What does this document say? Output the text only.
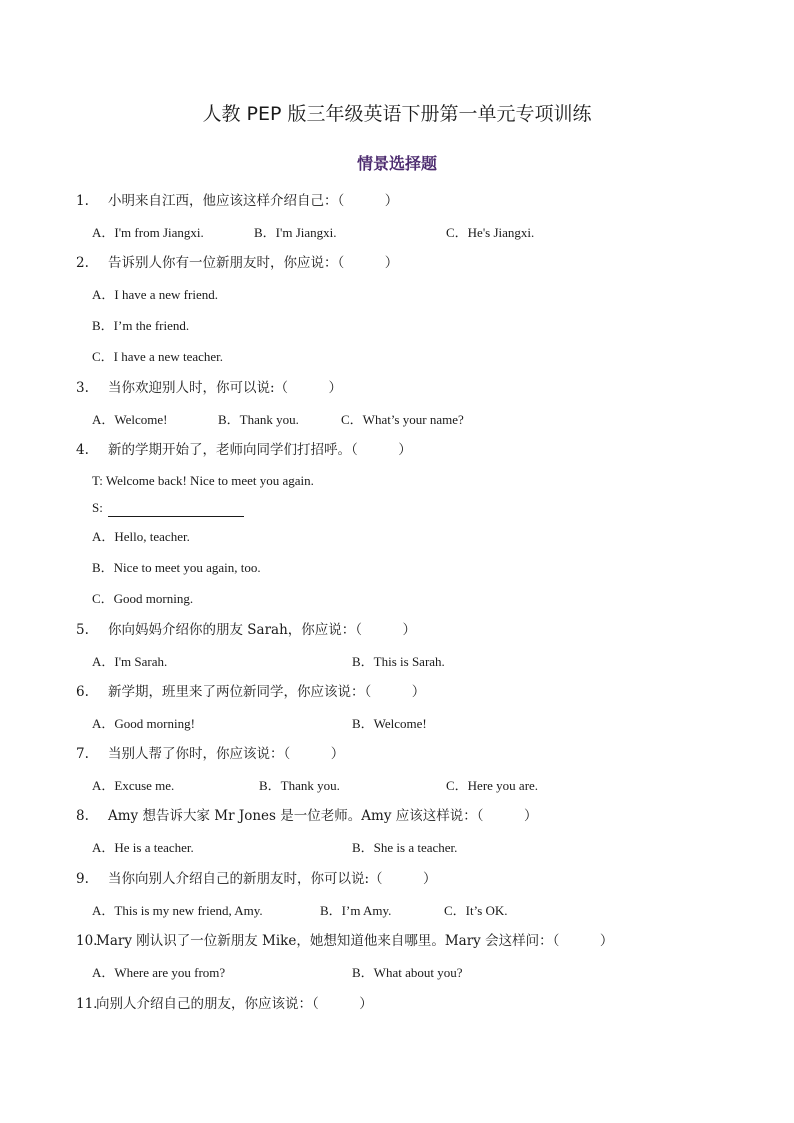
人教 PEP 版三年级英语下册第一单元专项训练
情景选择题
1. 小明来自江西，他应该这样介绍自己：（　　　）
A．I'm from Jiangxi.	B．I'm Jiangxi.	C．He's Jiangxi.
2. 告诉别人你有一位新朋友时，你应说：（　　　）
A．I have a new friend.
B．I’m the friend.
C．I have a new teacher.
3. 当你欢迎别人时，你可以说:（　　　）
A．Welcome!	B．Thank you.	C．What’s your name?
4. 新的学期开始了，老师向同学们打招呼。（　　　）
T: Welcome back! Nice to meet you again.
S:
A．Hello, teacher.
B．Nice to meet you again, too.
C．Good morning.
5. 你向妈妈介绍你的朋友 Sarah，你应说：（　　　）
A．I'm Sarah.	B．This is Sarah.
6. 新学期，班里来了两位新同学，你应该说：（　　　）
A．Good morning!	B．Welcome!
7. 当别人帮了你时，你应该说：（　　　）
A．Excuse me.	B．Thank you.	C．Here you are.
8. Amy 想告诉大家 Mr Jones 是一位老师。Amy 应该这样说：（　　　）
A．He is a teacher.	B．She is a teacher.
9. 当你向别人介绍自己的新朋友时，你可以说:（　　　）
A．This is my new friend, Amy.	B．I’m Amy.	C．It’s OK.
10.
Mary 刚认识了一位新朋友 Mike，她想知道他来自哪里。Mary 会这样问：（　　　）
A．Where are you from?	B．What about you?
11.
向别人介绍自己的朋友，你应该说：（　　　）
